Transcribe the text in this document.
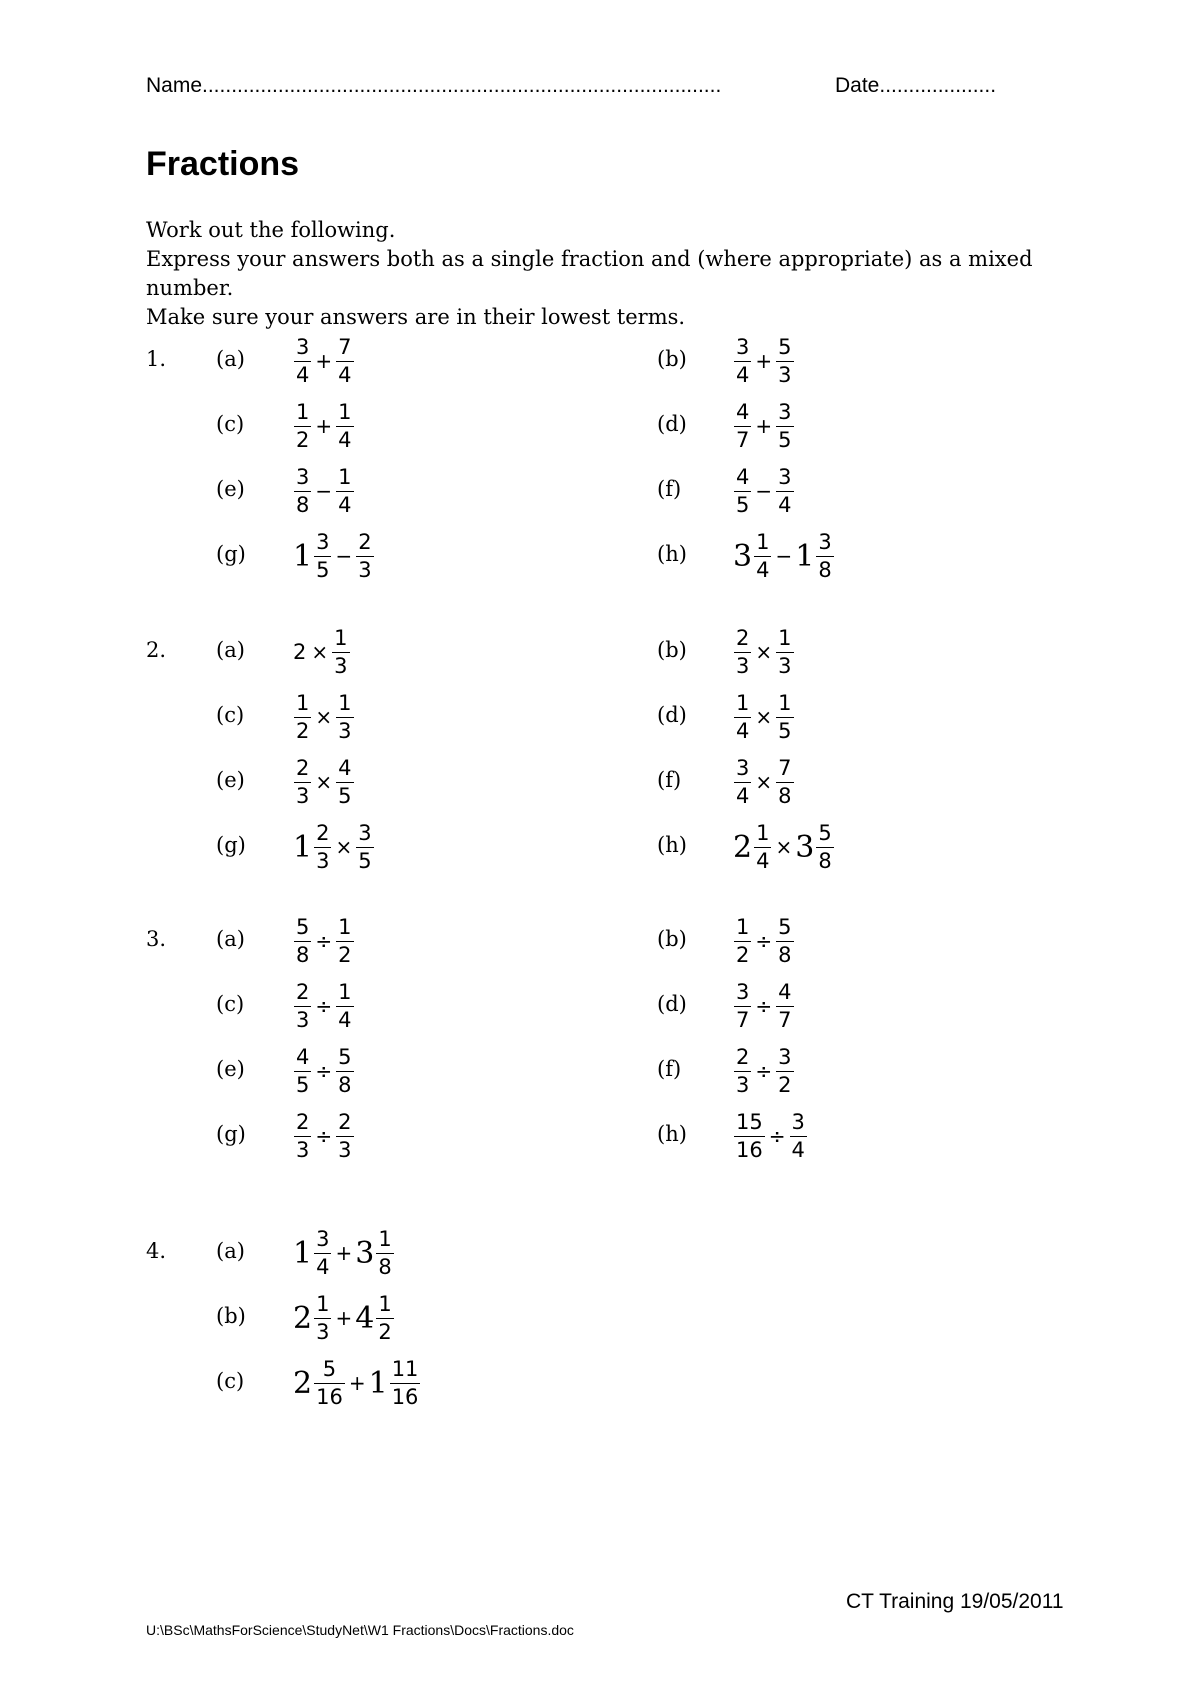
Name.........................................................................................	Date....................
Fractions
Work out the following.
Express your answers both as a single fraction and (where appropriate) as a mixed number.
Make sure your answers are in their lowest terms.
1. $(a) \frac{3}{4} + \frac{7}{4}$	$(b) \frac{3}{4} + \frac{5}{3}$
$(c) \frac{1}{2} + \frac{1}{4}$	$(d) \frac{4}{7} + \frac{3}{5}$
$(e) \frac{3}{8} - \frac{1}{4}$	(f)	$\frac{4}{5} - \frac{3}{4}$
(g) $1 \frac{3}{5} - \frac{2}{3}$	(h) $3 \frac{1}{4} - 1 \frac{3}{8}$
2. (a) $2 \times \frac{1}{3}$	$(b) \frac{2}{3} \times \frac{1}{3}$
$(c) \frac{1}{2} \times \frac{1}{3}$	$(d) \frac{1}{4} \times \frac{1}{5}$
$(e) \frac{2}{3} \times \frac{4}{5}$	(f)	$\frac{3}{4} \times \frac{7}{8}$
(g) $1 \frac{2}{3} \times \frac{3}{5}$	(h) $2 \frac{1}{4} \times 3 \frac{5}{8}$
3. $(a) \frac{5}{8} \div \frac{1}{2}$	$(b) \frac{1}{2} \div \frac{5}{8}$
$(c) \frac{2}{3} \div \frac{1}{4}$	$(d) \frac{3}{7} \div \frac{4}{7}$
$(e) \frac{4}{5} \div \frac{5}{8}$	(f)	$\frac{2}{3} \div \frac{3}{2}$
$(g) \frac{2}{3} \div \frac{2}{3}$	$(h) \frac{15}{16} \div \frac{3}{4}$
4. (a) $1 \frac{3}{4} + 3 \frac{1}{8}$
(b) $2 \frac{1}{3} + 4 \frac{1}{2}$
(c) $2 \frac{5}{16} + 1 \frac{11}{16}$
CT Training 19/05/2011
U:\BSc\MathsForScience\StudyNet\W1 Fractions\Docs\Fractions.doc
